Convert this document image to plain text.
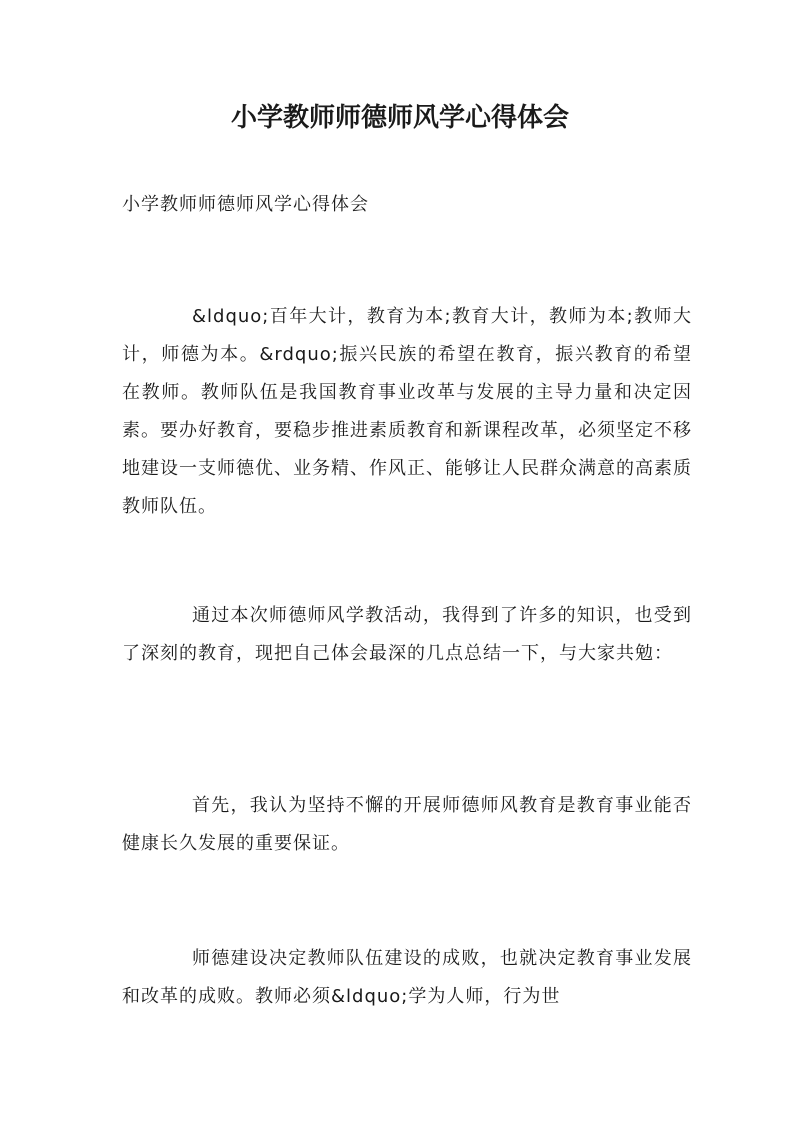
小学教师师德师风学心得体会

小学教师师德师风学心得体会

&ldquo;百年大计，教育为本;教育大计，教师为本;教师大计，师德为本。&rdquo;振兴民族的希望在教育，振兴教育的希望在教师。教师队伍是我国教育事业改革与发展的主导力量和决定因素。要办好教育，要稳步推进素质教育和新课程改革，必须坚定不移地建设一支师德优、业务精、作风正、能够让人民群众满意的高素质教师队伍。

通过本次师德师风学教活动，我得到了许多的知识，也受到了深刻的教育，现把自己体会最深的几点总结一下，与大家共勉：

首先，我认为坚持不懈的开展师德师风教育是教育事业能否健康长久发展的重要保证。

师德建设决定教师队伍建设的成败，也就决定教育事业发展和改革的成败。教师必须&ldquo;学为人师，行为世
